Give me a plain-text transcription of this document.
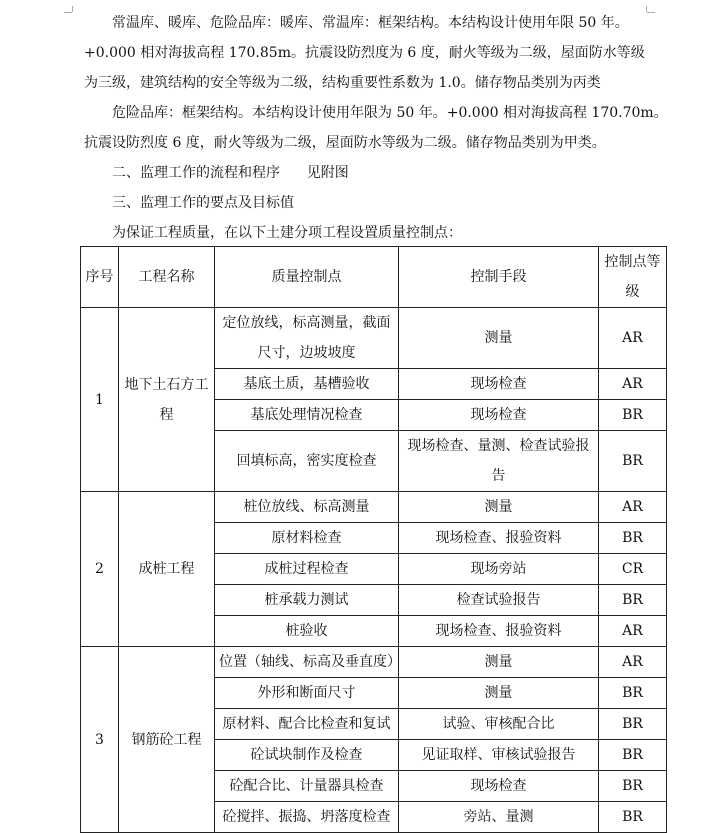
常温库、暖库、危险品库：暖库、常温库：框架结构。本结构设计使用年限 50 年。
+0.000 相对海拔高程 170.85m。抗震设防烈度为 6 度，耐火等级为二级，屋面防水等级
为三级，建筑结构的安全等级为二级，结构重要性系数为 1.0。储存物品类别为丙类
危险品库：框架结构。本结构设计使用年限为 50 年。+0.000 相对海拔高程 170.70m。
抗震设防烈度 6 度，耐火等级为二级，屋面防水等级为二级。储存物品类别为甲类。
二、监理工作的流程和程序      见附图
三、监理工作的要点及目标值
为保证工程质量，在以下土建分项工程设置质量控制点：
序号	工程名称	质量控制点	控制手段	控制点等级
1	地下土石方工程	定位放线，标高测量，截面尺寸，边坡坡度	测量	AR
		基底土质，基槽验收	现场检查	AR
		基底处理情况检查	现场检查	BR
		回填标高，密实度检查	现场检查、量测、检查试验报告	BR
2	成桩工程	桩位放线、标高测量	测量	AR
		原材料检查	现场检查、报验资料	BR
		成桩过程检查	现场旁站	CR
		桩承载力测试	检查试验报告	BR
		桩验收	现场检查、报验资料	AR
3	钢筋砼工程	位置（轴线、标高及垂直度）	测量	AR
		外形和断面尺寸	测量	BR
		原材料、配合比检查和复试	试验、审核配合比	BR
		砼试块制作及检查	见证取样、审核试验报告	BR
		砼配合比、计量器具检查	现场检查	BR
		砼搅拌、振捣、坍落度检查	旁站、量测	BR
